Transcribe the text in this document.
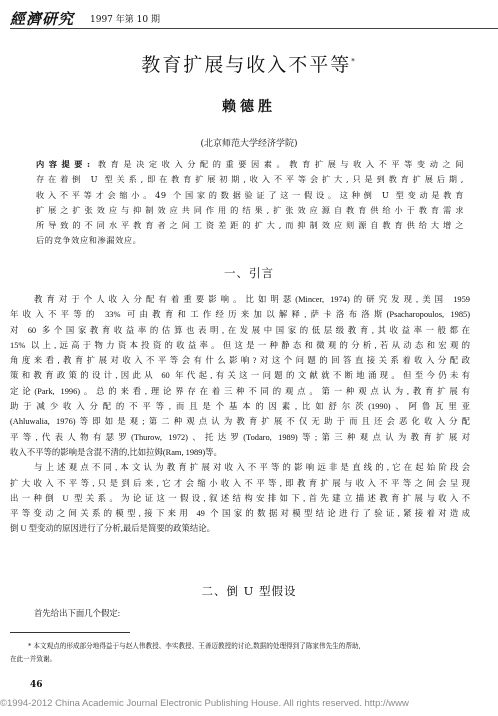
經濟研究 1997 年第 10 期
教育扩展与收入不平等*
赖德胜
(北京师范大学经济学院)
内容提要: 教育是决定收入分配的重要因素。教育扩展与收入不平等变动之间
存在着倒 U 型关系,即在教育扩展初期,收入不平等会扩大,只是到教育扩展后期,
收入不平等才会缩小。49 个国家的数据验证了这一假设。这种倒 U 型变动是教育
扩展之扩张效应与抑制效应共同作用的结果,扩张效应源自教育供给小于教育需求
所导致的不同水平教育者之间工资差距的扩大,而抑制效应则源自教育供给大增之
后的竞争效应和渗漏效应。
一、引言
教育对于个人收入分配有着重要影响。比如明瑟(Mincer, 1974)的研究发现,美国 1959
年收入不平等的 33% 可由教育和工作经历来加以解释,萨卡洛布洛斯(Psacharopoulos, 1985)
对 60 多个国家教育收益率的估算也表明,在发展中国家的低层级教育,其收益率一般都在
15% 以上,远高于物力资本投资的收益率。但这是一种静态和微观的分析,若从动态和宏观的
角度来看,教育扩展对收入不平等会有什么影响?对这个问题的回答直接关系着收入分配政
策和教育政策的设计,因此从 60 年代起,有关这一问题的文献就不断地涌现。但至今仍未有
定论(Park, 1996)。总的来看,理论界存在着三种不同的观点。第一种观点认为,教育扩展有
助于减少收入分配的不平等,而且是个基本的因素,比如舒尔茨(1990)、阿鲁瓦里亚
(Ahluwalia, 1976)等即如是观;第二种观点认为教育扩展不仅无助于而且还会恶化收入分配
平等,代表人物有瑟罗(Thurow, 1972)、托达罗(Todaro, 1989)等;第三种观点认为教育扩展对
收入不平等的影响是含混不清的,比如拉姆(Ram, 1989)等。
与上述观点不同,本文认为教育扩展对收入不平等的影响远非是直线的,它在起始阶段会
扩大收入不平等,只是到后来,它才会缩小收入不平等,即教育扩展与收入不平等之间会呈现
出一种倒 U 型关系。为论证这一假设,叙述结构安排如下,首先建立描述教育扩展与收入不
平等变动之间关系的模型,接下来用 49 个国家的数据对模型结论进行了验证,紧接着对造成
倒 U 型变动的原因进行了分析,最后是简要的政策结论。
二、倒 U 型假设
首先给出下面几个假定:
* 本文观点的形成部分地得益于与赵人伟教授、李实教授、王善迈教授的讨论,数据的处理得到了陈家伟先生的帮助,
在此一并致谢。
46
©1994-2012 China Academic Journal Electronic Publishing House. All rights reserved. http://www
